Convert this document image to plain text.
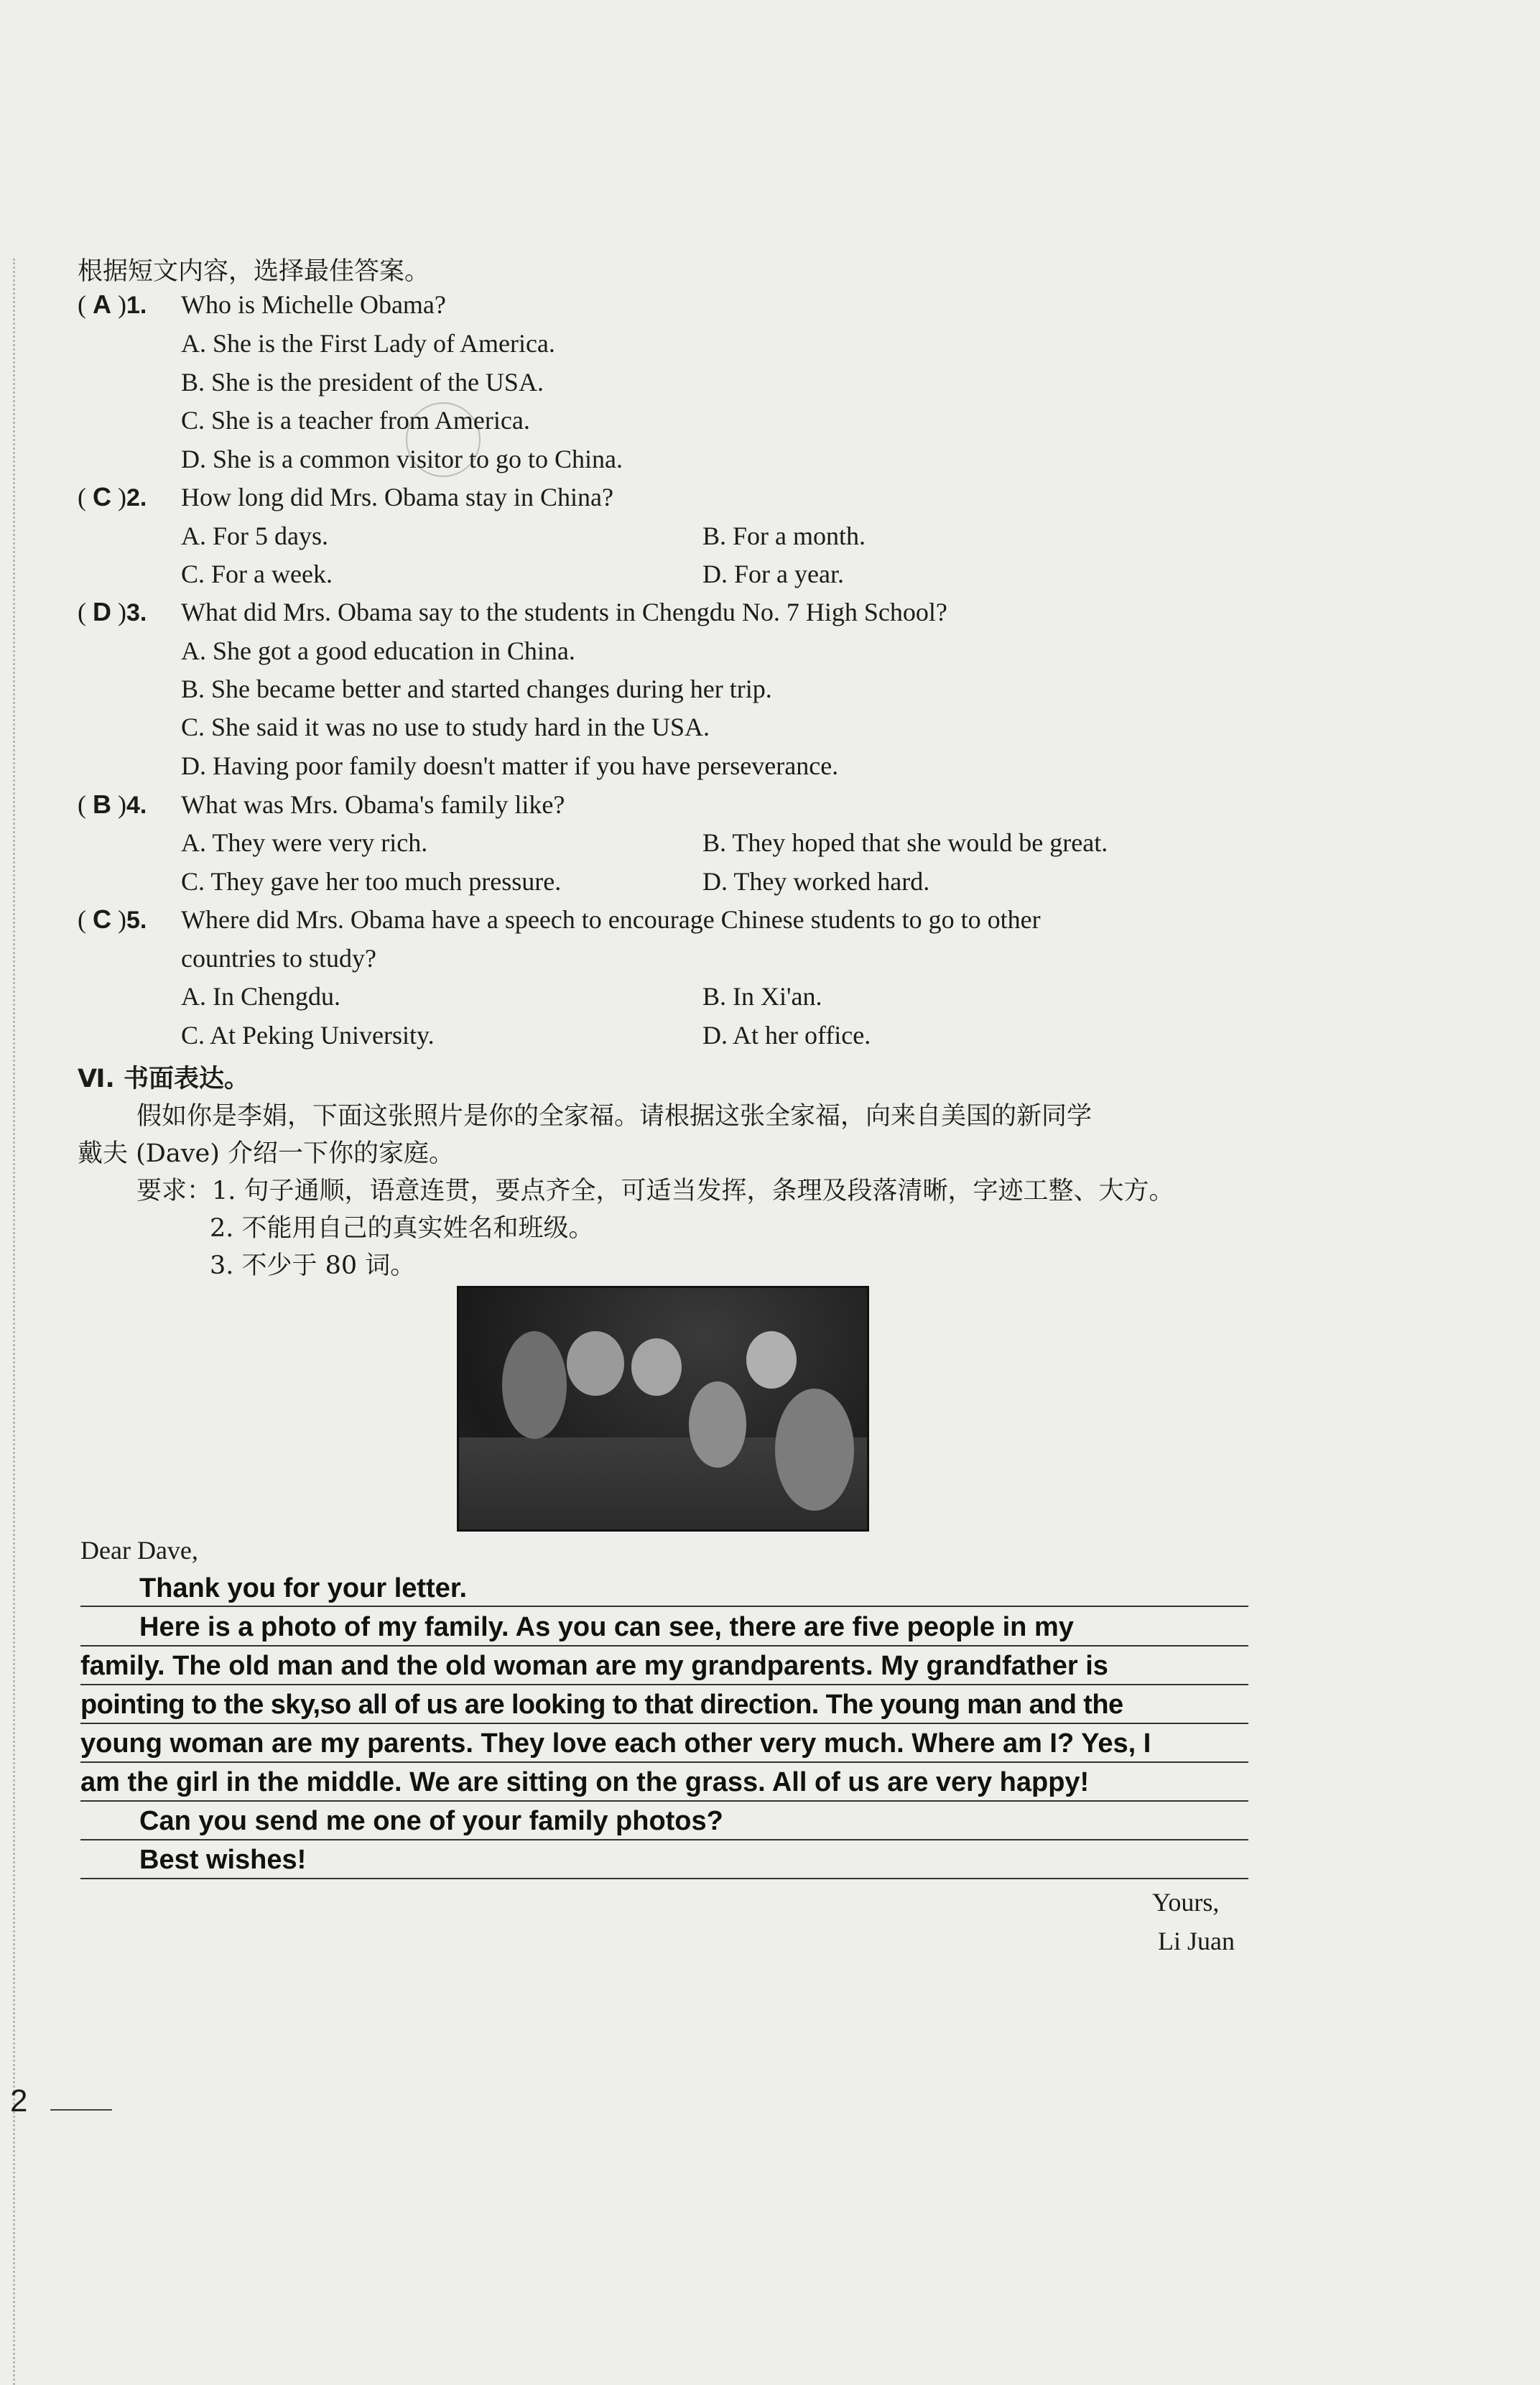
根据短文内容，选择最佳答案。
( A )1. Who is Michelle Obama?
A. She is the First Lady of America.
B. She is the president of the USA.
C. She is a teacher from America.
D. She is a common visitor to go to China.
( C )2. How long did Mrs. Obama stay in China?
A. For 5 days.	B. For a month.
C. For a week.	D. For a year.
( D )3. What did Mrs. Obama say to the students in Chengdu No. 7 High School?
A. She got a good education in China.
B. She became better and started changes during her trip.
C. She said it was no use to study hard in the USA.
D. Having poor family doesn't matter if you have perseverance.
( B )4. What was Mrs. Obama's family like?
A. They were very rich.	B. They hoped that she would be great.
C. They gave her too much pressure.	D. They worked hard.
( C )5. Where did Mrs. Obama have a speech to encourage Chinese students to go to other
countries to study?
A. In Chengdu.	B. In Xi'an.
C. At Peking University.	D. At her office.
Ⅵ. 书面表达。
假如你是李娟，下面这张照片是你的全家福。请根据这张全家福，向来自美国的新同学
戴夫 (Dave) 介绍一下你的家庭。
要求：1. 句子通顺，语意连贯，要点齐全，可适当发挥，条理及段落清晰，字迹工整、大方。
2. 不能用自己的真实姓名和班级。
3. 不少于 80 词。
Dear Dave,
Thank you for your letter.
Here is a photo of my family. As you can see, there are five people in my
family. The old man and the old woman are my grandparents. My grandfather is
pointing to the sky,so all of us are looking to that direction. The young man and the
young woman are my parents. They love each other very much. Where am I? Yes, I
am the girl in the middle. We are sitting on the grass. All of us are very happy!
Can you send me one of your family photos?
Best wishes!
Yours,
Li Juan
2
